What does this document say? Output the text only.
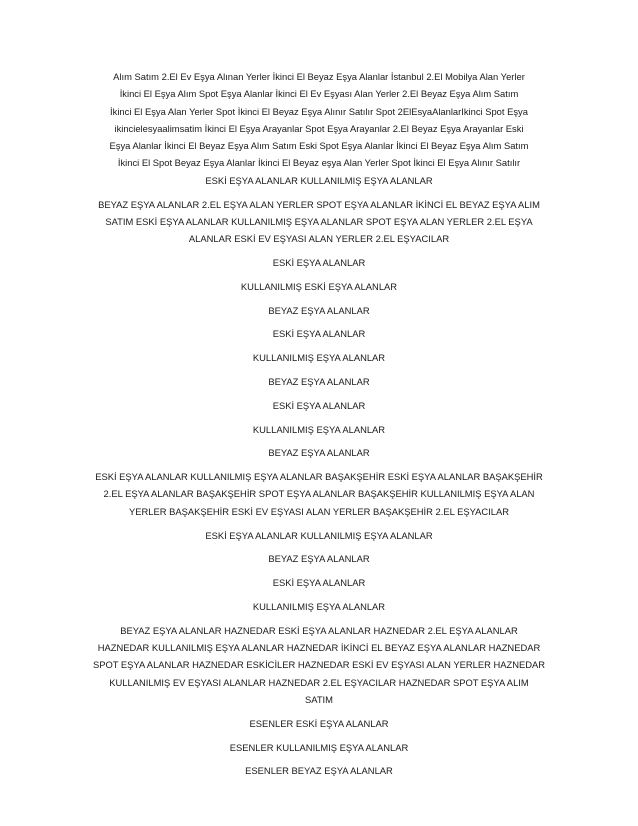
Alım Satım 2.El Ev Eşya Alınan Yerler İkinci El Beyaz Eşya Alanlar İstanbul 2.El Mobilya Alan Yerler
İkinci El Eşya Alım Spot Eşya Alanlar İkinci El Ev Eşyası Alan Yerler 2.El Beyaz Eşya Alım Satım
İkinci El Eşya Alan Yerler Spot İkinci El Beyaz Eşya Alınır Satılır Spot 2ElEsyaAlanlarIkinci Spot Eşya
ikincielesyaalimsatim İkinci El Eşya Arayanlar Spot Eşya Arayanlar 2.El Beyaz Eşya Arayanlar Eski
Eşya Alanlar İkinci El Beyaz Eşya Alım Satım Eski Spot Eşya Alanlar İkinci El Beyaz Eşya Alım Satım
İkinci El Spot Beyaz Eşya Alanlar İkinci El Beyaz eşya Alan Yerler Spot İkinci El Eşya Alınır Satılır
ESKİ EŞYA ALANLAR KULLANILMIŞ EŞYA ALANLAR

BEYAZ EŞYA ALANLAR 2.EL EŞYA ALAN YERLER SPOT EŞYA ALANLAR İKİNCİ EL BEYAZ EŞYA ALIM
SATIM ESKİ EŞYA ALANLAR KULLANILMIŞ EŞYA ALANLAR SPOT EŞYA ALAN YERLER 2.EL EŞYA
ALANLAR ESKİ EV EŞYASI ALAN YERLER 2.EL EŞYACILAR

ESKİ EŞYA ALANLAR

KULLANILMIŞ ESKİ EŞYA ALANLAR

BEYAZ EŞYA ALANLAR

ESKİ EŞYA ALANLAR

KULLANILMIŞ EŞYA ALANLAR

BEYAZ EŞYA ALANLAR

ESKİ EŞYA ALANLAR

KULLANILMIŞ EŞYA ALANLAR

BEYAZ EŞYA ALANLAR

ESKİ EŞYA ALANLAR KULLANILMIŞ EŞYA ALANLAR BAŞAKŞEHİR ESKİ EŞYA ALANLAR BAŞAKŞEHİR
2.EL EŞYA ALANLAR BAŞAKŞEHİR SPOT EŞYA ALANLAR BAŞAKŞEHİR KULLANILMIŞ EŞYA ALAN
YERLER BAŞAKŞEHİR ESKİ EV EŞYASI ALAN YERLER BAŞAKŞEHİR 2.EL EŞYACILAR

ESKİ EŞYA ALANLAR KULLANILMIŞ EŞYA ALANLAR

BEYAZ EŞYA ALANLAR

ESKİ EŞYA ALANLAR

KULLANILMIŞ EŞYA ALANLAR

BEYAZ EŞYA ALANLAR HAZNEDAR ESKİ EŞYA ALANLAR HAZNEDAR 2.EL EŞYA ALANLAR
HAZNEDAR KULLANILMIŞ EŞYA ALANLAR HAZNEDAR İKİNCİ EL BEYAZ EŞYA ALANLAR HAZNEDAR
SPOT EŞYA ALANLAR HAZNEDAR ESKİCİLER HAZNEDAR ESKİ EV EŞYASI ALAN YERLER HAZNEDAR
KULLANILMIŞ EV EŞYASI ALANLAR HAZNEDAR 2.EL EŞYACILAR HAZNEDAR SPOT EŞYA ALIM
SATIM

ESENLER ESKİ EŞYA ALANLAR

ESENLER KULLANILMIŞ EŞYA ALANLAR

ESENLER BEYAZ EŞYA ALANLAR
